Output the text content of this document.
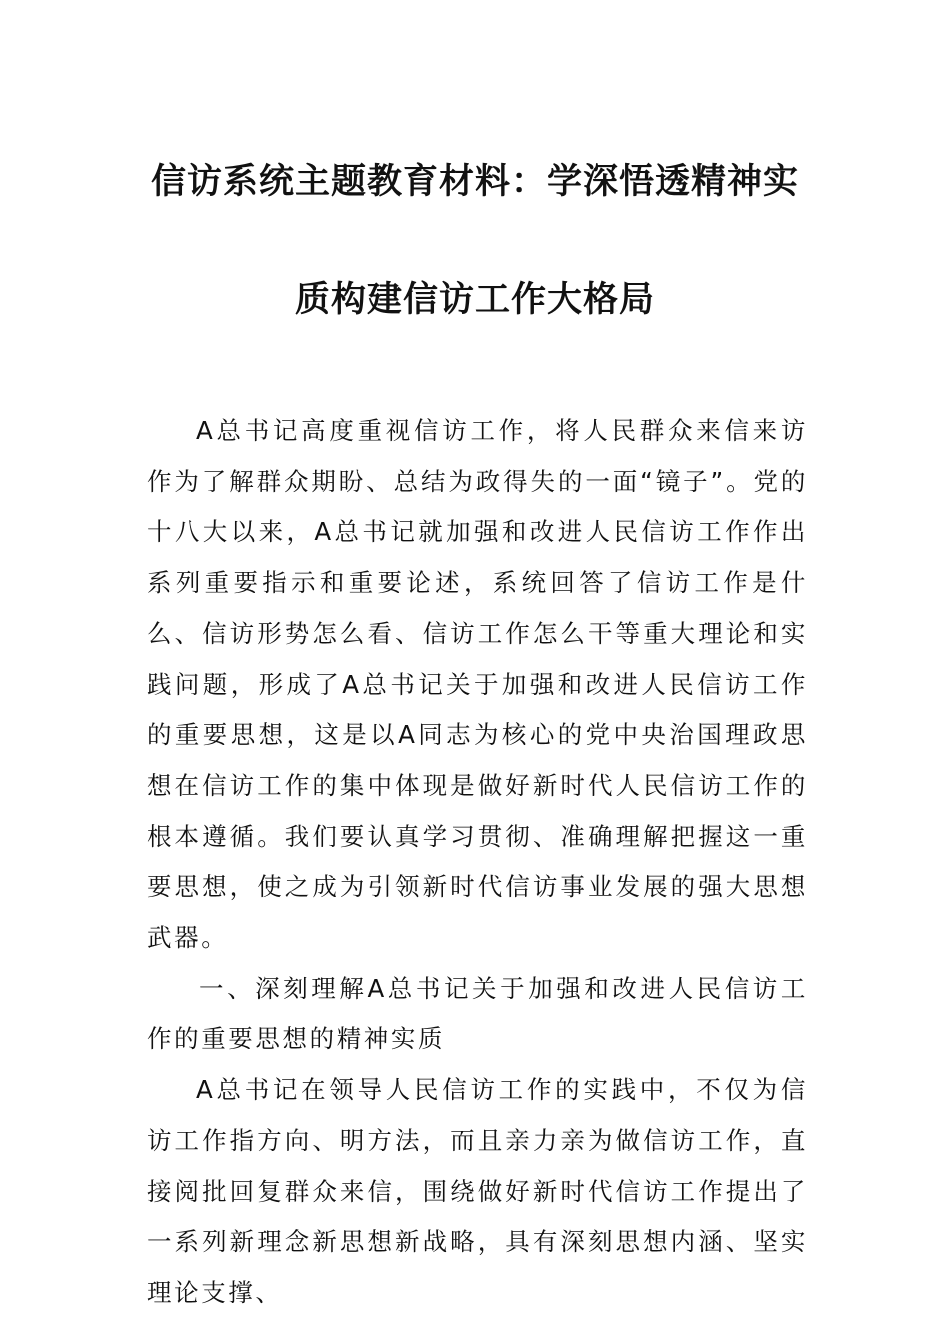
信访系统主题教育材料：学深悟透精神实
质构建信访工作大格局

A总书记高度重视信访工作，将人民群众来信来访作为了解群众期盼、总结为政得失的一面“镜子”。党的十八大以来，A总书记就加强和改进人民信访工作作出系列重要指示和重要论述，系统回答了信访工作是什么、信访形势怎么看、信访工作怎么干等重大理论和实践问题，形成了A总书记关于加强和改进人民信访工作的重要思想，这是以A同志为核心的党中央治国理政思想在信访工作的集中体现是做好新时代人民信访工作的根本遵循。我们要认真学习贯彻、准确理解把握这一重要思想，使之成为引领新时代信访事业发展的强大思想武器。

一、深刻理解A总书记关于加强和改进人民信访工作的重要思想的精神实质

A总书记在领导人民信访工作的实践中，不仅为信访工作指方向、明方法，而且亲力亲为做信访工作，直接阅批回复群众来信，围绕做好新时代信访工作提出了一系列新理念新思想新战略，具有深刻思想内涵、坚实理论支撑、
